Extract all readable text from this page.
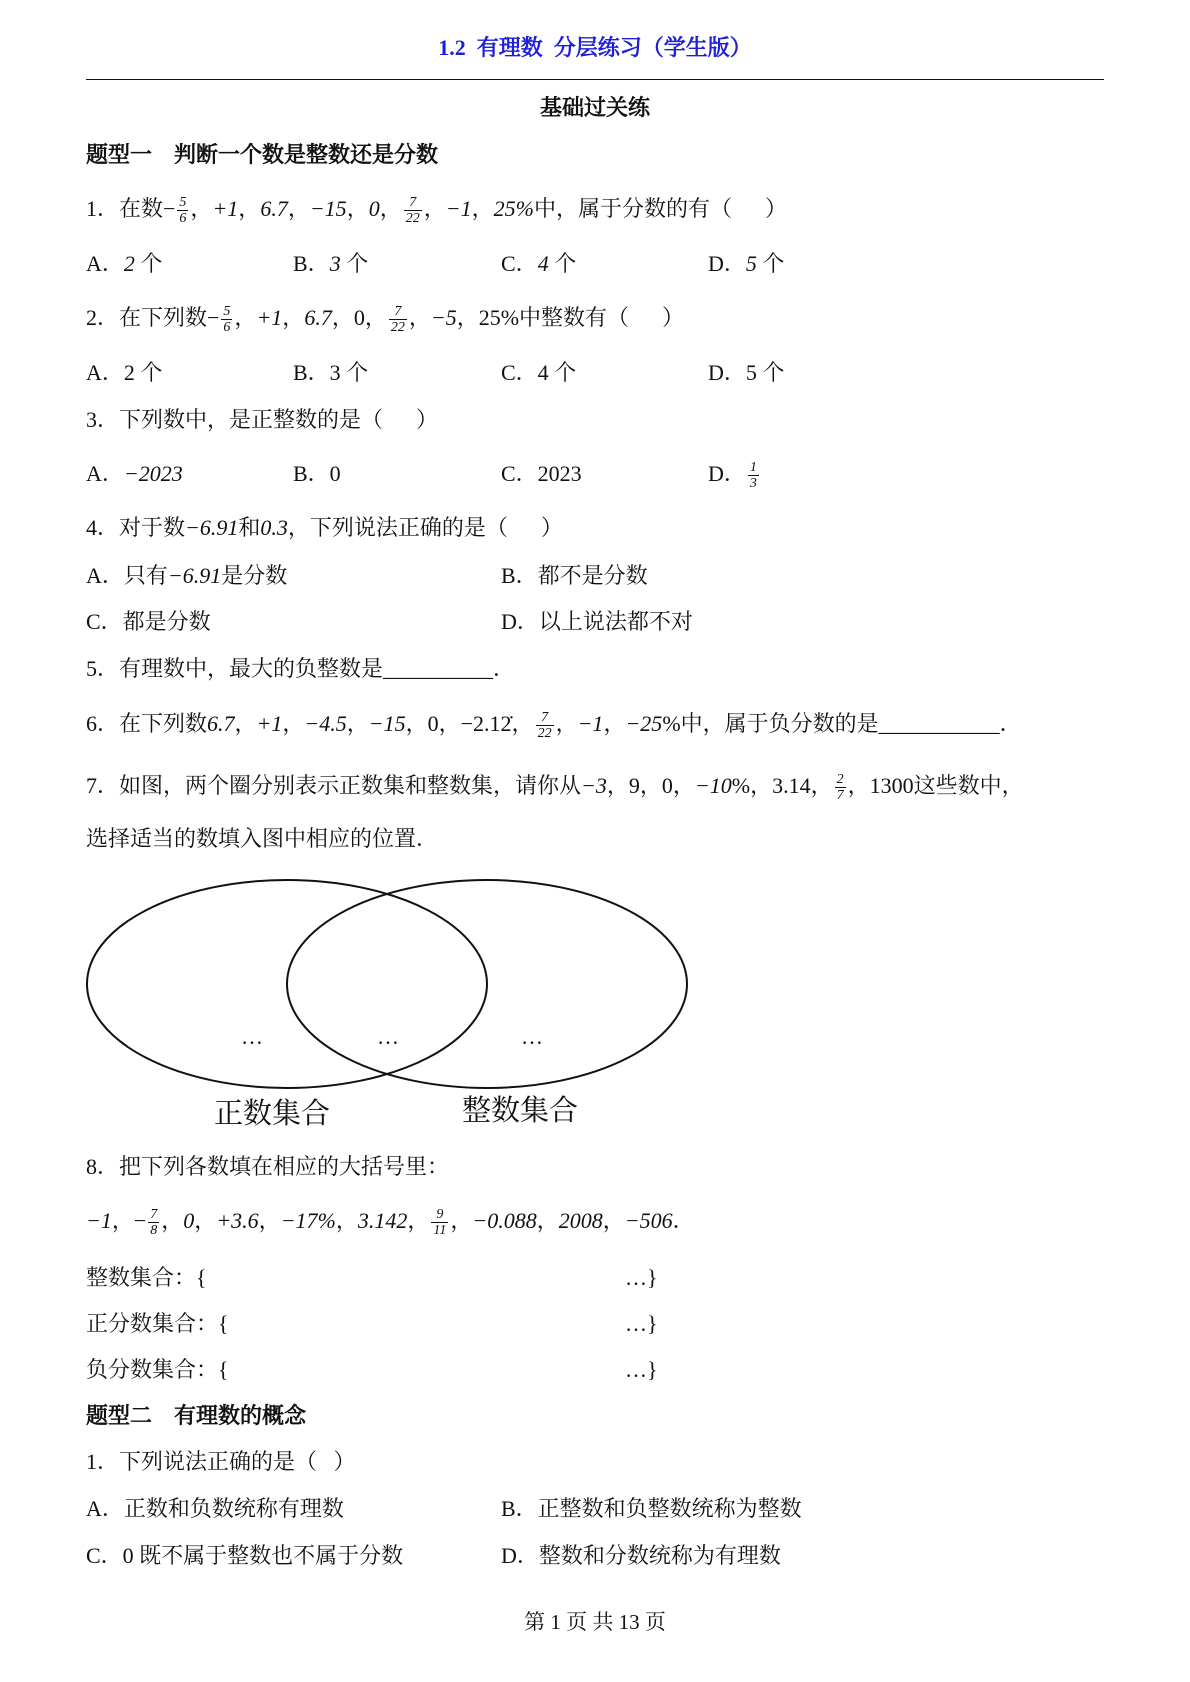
1.2  有理数  分层练习（学生版）
基础过关练
题型一    判断一个数是整数还是分数
1．在数− $\frac{5}{6}$ ，+1，6.7，−15，0， $\frac{7}{22}$ ，−1，25%中，属于分数的有（      ）
A．2 个	B．3 个	C．4 个	D．5 个
2．在下列数− $\frac{5}{6}$ ，+1，6.7，0， $\frac{7}{22}$ ，−5，25%中整数有（      ）
A．2 个	B．3 个	C．4 个	D．5 个
3．下列数中，是正整数的是（      ）
A．−2023	B．0	C．2023	D． $\frac{1}{3}$
4．对于数−6.91和0.3，下列说法正确的是（      ）
A．只有−6.91是分数	B．都不是分数
C．都是分数	D．以上说法都不对
5．有理数中，最大的负整数是__________．
6．在下列数6.7，+1，−4.5，−15，0，−2.12̇， $\frac{7}{22}$ ，−1，−25%中，属于负分数的是___________．
7．如图，两个圈分别表示正数集和整数集，请你从−3，9，0，−10%，3.14， $\frac{2}{7}$ ，1300这些数中，
选择适当的数填入图中相应的位置．
…	…	…
正数集合	整数集合
8．把下列各数填在相应的大括号里：
−1，− $\frac{7}{8}$ ，0，+3.6，−17%，3.142， $\frac{9}{11}$ ，−0.088，2008，−506．
整数集合：{	…}
正分数集合：{	…}
负分数集合：{	…}
题型二    有理数的概念
1．下列说法正确的是（   ）
A．正数和负数统称有理数	B．正整数和负整数统称为整数
C．0 既不属于整数也不属于分数	D．整数和分数统称为有理数
第 1 页 共 13 页
